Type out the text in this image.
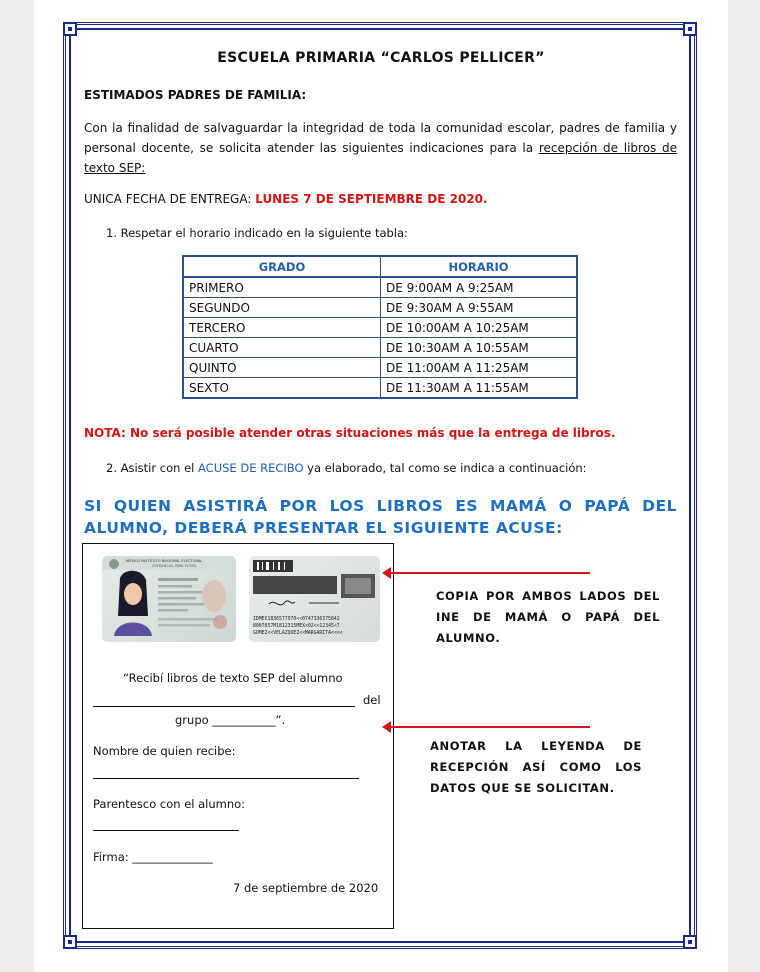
ESCUELA PRIMARIA “CARLOS PELLICER”
ESTIMADOS PADRES DE FAMILIA:
Con la finalidad de salvaguardar la integridad de toda la comunidad escolar, padres de familia y personal docente, se solicita atender las siguientes indicaciones para la recepción de libros de texto SEP:
UNICA FECHA DE ENTREGA: LUNES 7 DE SEPTIEMBRE DE 2020.
1. Respetar el horario indicado en la siguiente tabla:
GRADO	HORARIO
PRIMERO	DE 9:00AM A 9:25AM
SEGUNDO	DE 9:30AM A 9:55AM
TERCERO	DE 10:00AM A 10:25AM
CUARTO	DE 10:30AM A 10:55AM
QUINTO	DE 11:00AM A 11:25AM
SEXTO	DE 11:30AM A 11:55AM
NOTA: No será posible atender otras situaciones más que la entrega de libros.
2. Asistir con el ACUSE DE RECIBO ya elaborado, tal como se indica a continuación:
SI QUIEN ASISTIRÁ POR LOS LIBROS ES MAMÁ O PAPÁ DEL
ALUMNO, DEBERÁ PRESENTAR EL SIGUIENTE ACUSE:
MÉXICO INSTITUTO NACIONAL ELECTORAL
CREDENCIAL PARA VOTAR
IDMEX1836577970<<0747336375842
8007057M1812315MEX<02<<12345<7
GOMEZ<<VELAZQUEZ<<MARGARITA<<<<
“Recibí libros de texto SEP del alumno
del
grupo ___________”.
Nombre de quien recibe:
Parentesco con el alumno:
Firma: ______________
7 de septiembre de 2020
COPIA POR AMBOS LADOS DEL
INE DE MAMÁ O PAPÁ DEL
ALUMNO.
ANOTAR LA LEYENDA DE
RECEPCIÓN ASÍ COMO LOS
DATOS QUE SE SOLICITAN.
